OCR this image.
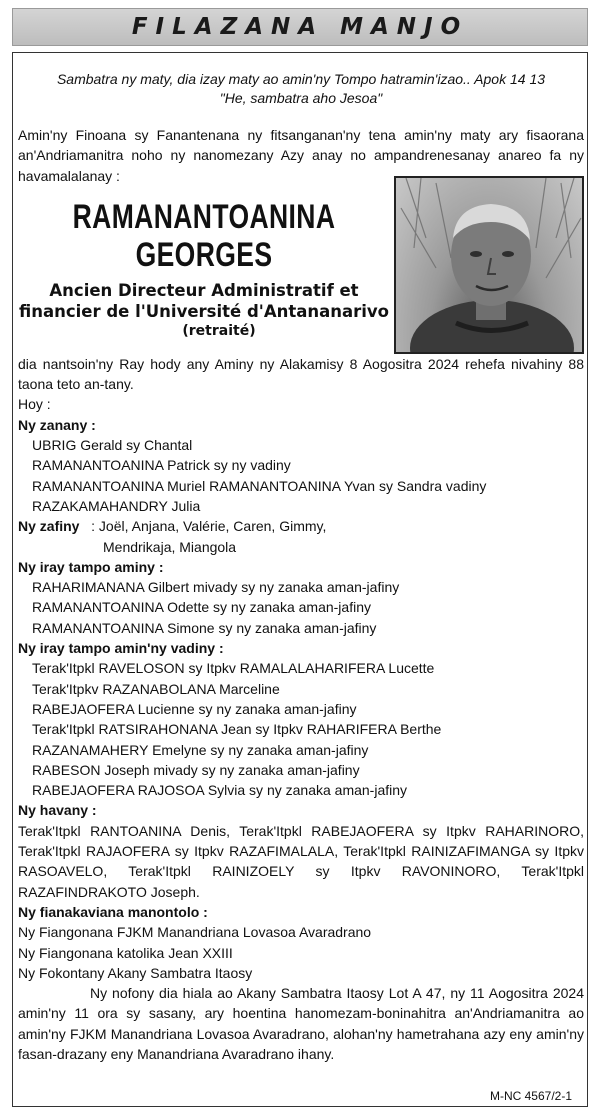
FILAZANA MANJO

Sambatra ny maty, dia izay maty ao amin'ny Tompo hatramin'izao.. Apok 14 13

"He, sambatra aho Jesoa"

Amin'ny Finoana sy Fanantenana ny fitsanganan'ny tena amin'ny maty ary fisaorana an'Andriamanitra noho ny nanomezany Azy anay no ampandrenesanay anareo fa ny havamalalanay :

RAMANANTOANINA

GEORGES

Ancien Directeur Administratif et

financier de l'Université d'Antananarivo

(retraité)

dia nantsoin'ny Ray hody any Aminy ny Alakamisy 8 Aogositra 2024 rehefa nivahiny 88 taona teto an-tany.

Hoy :

Ny zanany :

UBRIG Gerald sy Chantal

RAMANANTOANINA Patrick sy ny vadiny

RAMANANTOANINA Muriel RAMANANTOANINA Yvan sy Sandra vadiny

RAZAKAMAHANDRY Julia

Ny zafiny : Joël, Anjana, Valérie, Caren, Gimmy,

Mendrikaja, Miangola

Ny iray tampo aminy :

RAHARIMANANA Gilbert mivady sy ny zanaka aman-jafiny

RAMANANTOANINA Odette sy ny zanaka aman-jafiny

RAMANANTOANINA Simone sy ny zanaka aman-jafiny

Ny iray tampo amin'ny vadiny :

Terak'Itpkl RAVELOSON sy Itpkv RAMALALAHARIFERA Lucette

Terak'Itpkv RAZANABOLANA Marceline

RABEJAOFERA Lucienne sy ny zanaka aman-jafiny

Terak'Itpkl RATSIRAHONANA Jean sy Itpkv RAHARIFERA Berthe

RAZANAMAHERY Emelyne sy ny zanaka aman-jafiny

RABESON Joseph mivady sy ny zanaka aman-jafiny

RABEJAOFERA RAJOSOA Sylvia sy ny zanaka aman-jafiny

Ny havany :

Terak'Itpkl RANTOANINA Denis, Terak'Itpkl RABEJAOFERA sy Itpkv RAHARINORO, Terak'Itpkl RAJAOFERA sy Itpkv RAZAFIMALALA, Terak'Itpkl RAINIZAFIMANGA sy Itpkv RASOAVELO, Terak'Itpkl RAINIZOELY sy Itpkv RAVONINORO, Terak'Itpkl RAZAFINDRAKOTO Joseph.

Ny fianakaviana manontolo :

Ny Fiangonana FJKM Manandriana Lovasoa Avaradrano

Ny Fiangonana katolika Jean XXIII

Ny Fokontany Akany Sambatra Itaosy

Ny nofony dia hiala ao Akany Sambatra Itaosy Lot A 47, ny 11 Aogositra 2024 amin'ny 11 ora sy sasany, ary hoentina hanomezam-boninahitra an'Andriamanitra ao amin'ny FJKM Manandriana Lovasoa Avaradrano, alohan'ny hametrahana azy eny amin'ny fasan-drazany eny Manandriana Avaradrano ihany.

M-NC 4567/2-1
